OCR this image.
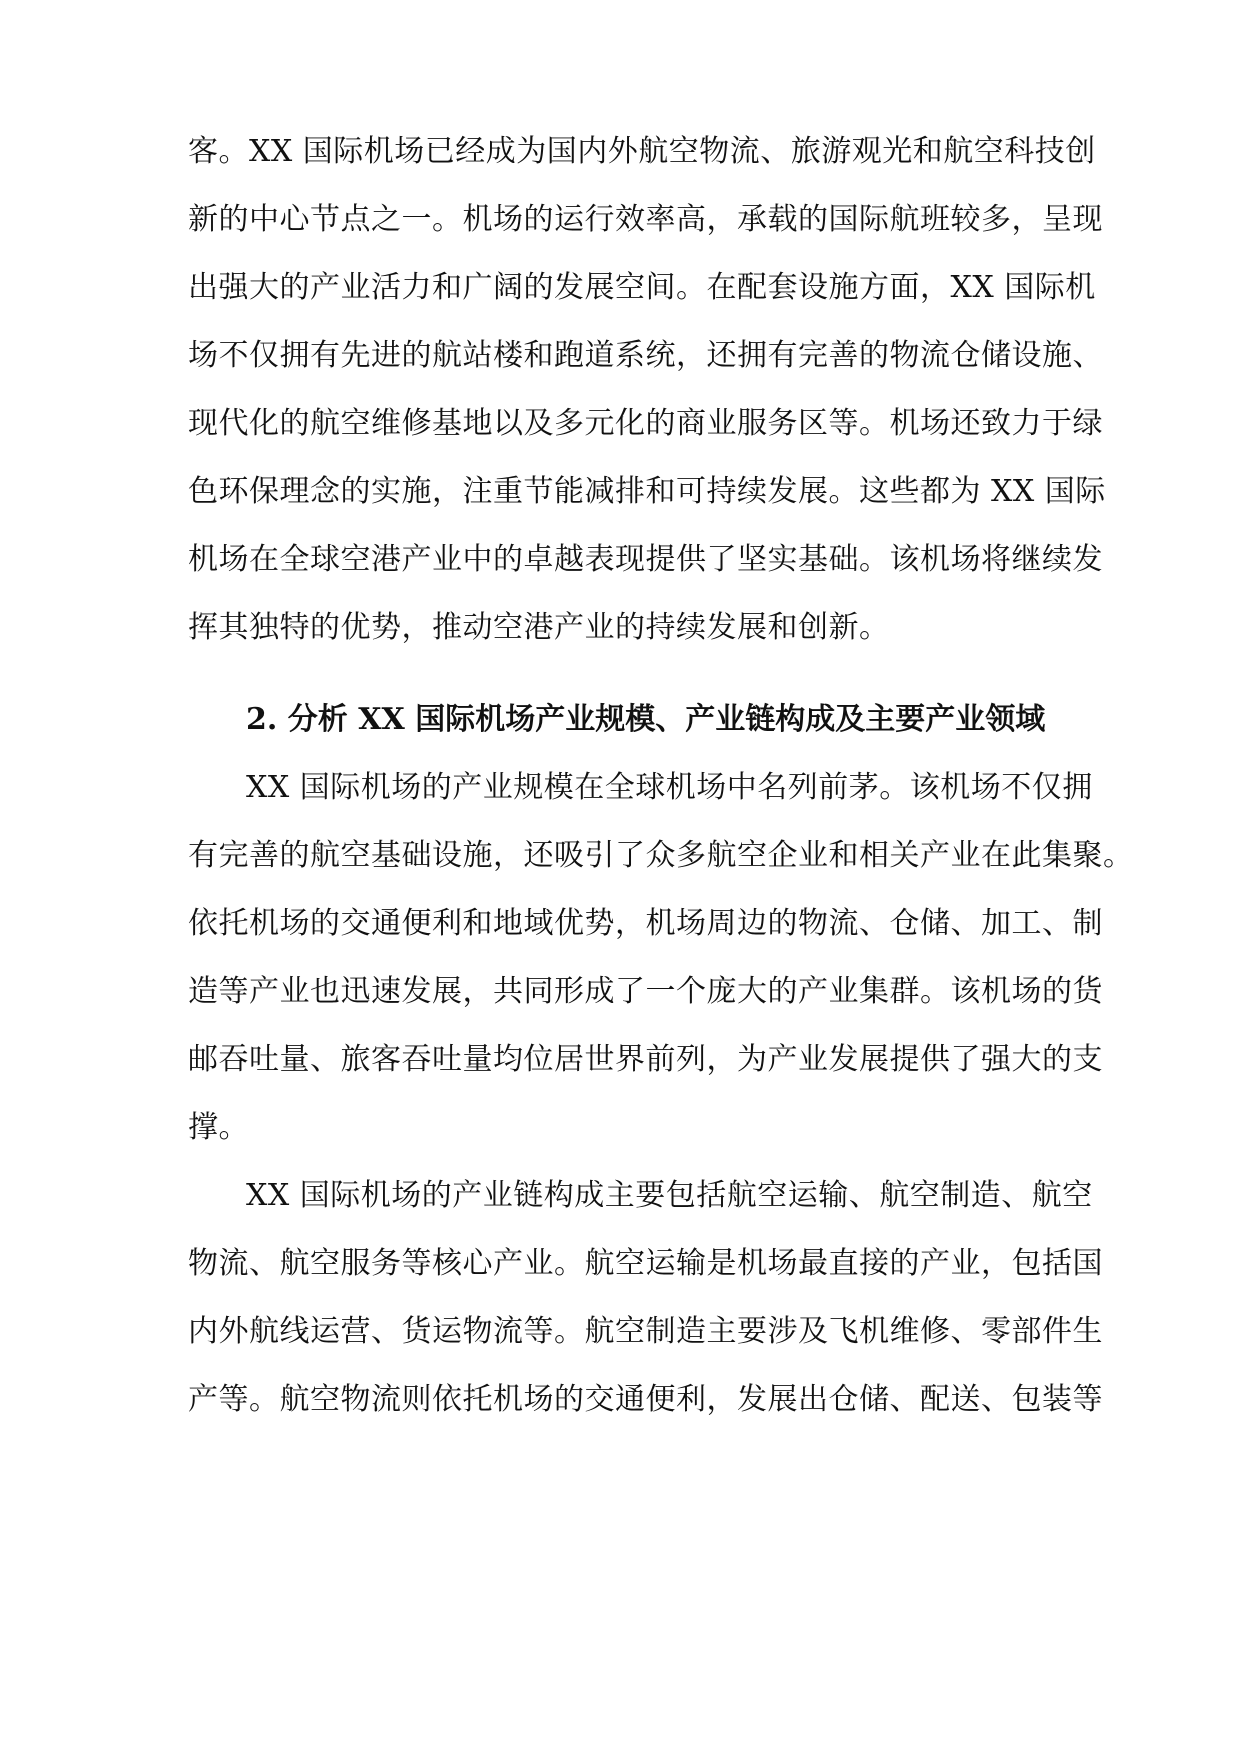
客。XX 国际机场已经成为国内外航空物流、旅游观光和航空科技创
新的中心节点之一。机场的运行效率高，承载的国际航班较多，呈现
出强大的产业活力和广阔的发展空间。在配套设施方面，XX 国际机
场不仅拥有先进的航站楼和跑道系统，还拥有完善的物流仓储设施、
现代化的航空维修基地以及多元化的商业服务区等。机场还致力于绿
色环保理念的实施，注重节能减排和可持续发展。这些都为 XX 国际
机场在全球空港产业中的卓越表现提供了坚实基础。该机场将继续发
挥其独特的优势，推动空港产业的持续发展和创新。
2. 分析 XX 国际机场产业规模、产业链构成及主要产业领域
XX 国际机场的产业规模在全球机场中名列前茅。该机场不仅拥
有完善的航空基础设施，还吸引了众多航空企业和相关产业在此集聚。
依托机场的交通便利和地域优势，机场周边的物流、仓储、加工、制
造等产业也迅速发展，共同形成了一个庞大的产业集群。该机场的货
邮吞吐量、旅客吞吐量均位居世界前列，为产业发展提供了强大的支
撑。
XX 国际机场的产业链构成主要包括航空运输、航空制造、航空
物流、航空服务等核心产业。航空运输是机场最直接的产业，包括国
内外航线运营、货运物流等。航空制造主要涉及飞机维修、零部件生
产等。航空物流则依托机场的交通便利，发展出仓储、配送、包装等
